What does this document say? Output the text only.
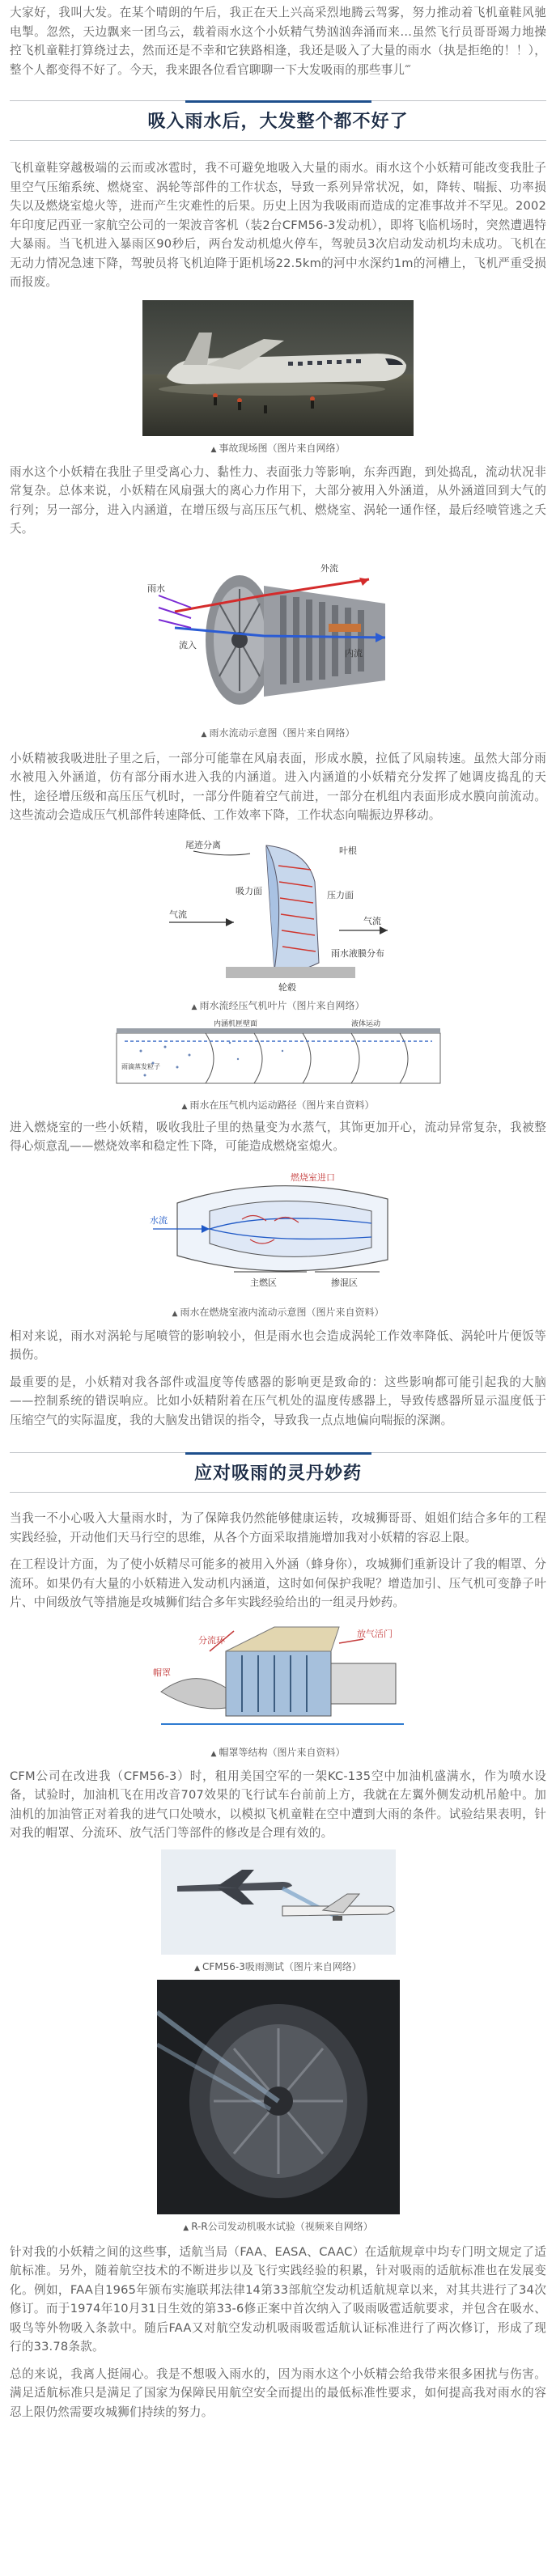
大家好，我叫大发。在某个晴朗的午后，我正在天上兴高采烈地腾云驾雾，努力推动着飞机童鞋风驰电掣。忽然，天边飘来一团乌云，载着雨水这个小妖精气势汹汹奔涌而来…虽然飞行员哥哥竭力地操控飞机童鞋打算绕过去，然而还是不幸和它狭路相逢，我还是吸入了大量的雨水（执是拒绝的！！），整个人都变得不好了。今天，我来跟各位看官聊聊一下大发吸雨的那些事儿‴

吸入雨水后，大发整个都不好了

飞机童鞋穿越极端的云而或冰雹时，我不可避免地吸入大量的雨水。雨水这个小妖精可能改变我肚子里空气压缩系统、燃烧室、涡轮等部件的工作状态，导致一系列异常状况，如，降转、喘振、功率损失以及燃烧室熄火等，进而产生灾难性的后果。历史上因为我吸雨而造成的定准事故并不罕见。2002年印度尼西亚一家航空公司的一架波音客机（装2台CFM56-3发动机），即将飞临机场时，突然遭遇特大暴雨。当飞机进入暴雨区90秒后，两台发动机熄火停车，驾驶员3次启动发动机均未成功。飞机在无动力情况急速下降，驾驶员将飞机迫降于距机场22.5km的河中水深约1m的河槽上，飞机严重受损而报废。

▲ 事故现场图（图片来自网络）

雨水这个小妖精在我肚子里受离心力、黏性力、表面张力等影响，东奔西跑，到处捣乱，流动状况非常复杂。总体来说，小妖精在风扇强大的离心力作用下，大部分被用入外涵道，从外涵道回到大气的行列；另一部分，进入内涵道，在增压级与高压压气机、燃烧室、涡轮一通作怪，最后经喷管逃之夭夭。

外流
雨水
流入
内流
▲ 雨水流动示意图（图片来自网络）

小妖精被我吸进肚子里之后，一部分可能靠在风扇表面，形成水膜，拉低了风扇转速。虽然大部分雨水被甩入外涵道，仿有部分雨水进入我的内涵道。进入内涵道的小妖精充分发挥了她调皮捣乱的天性，途径增压级和高压压气机时，一部分件随着空气前进，一部分在机组内表面形成水膜向前流动。这些流动会造成压气机部件转速降低、工作效率下降，工作状态向喘振边界移动。

尾迹分离
叶根
气流
吸力面	压力面
雨水液膜分布
轮毂
气流
▲ 雨水流经压气机叶片（图片来自网络）
内涵机匣壁面	液体运动
雨滴蒸发粒子
▲ 雨水在压气机内运动路径（图片来自资料）

进入燃烧室的一些小妖精，吸收我肚子里的热量变为水蒸气，其饰更加开心，流动异常复杂，我被整得心烦意乱——燃烧效率和稳定性下降，可能造成燃烧室熄火。

燃烧室进口
水流
主燃区	掺混区
▲ 雨水在燃烧室液内流动示意图（图片来自资料）

相对来说，雨水对涡轮与尾喷管的影响较小，但是雨水也会造成涡轮工作效率降低、涡轮叶片便饭等损伤。

最重要的是，小妖精对我各部件或温度等传感器的影响更是致命的：这些影响都可能引起我的大脑——控制系统的错误响应。比如小妖精附着在压气机处的温度传感器上，导致传感器所显示温度低于压缩空气的实际温度，我的大脑发出错误的指令，导致我一点点地偏向喘振的深渊。

应对吸雨的灵丹妙药

当我一不小心吸入大量雨水时，为了保障我仍然能够健康运转，攻城狮哥哥、姐姐们结合多年的工程实践经验，开动他们天马行空的思维，从各个方面采取措施增加我对小妖精的容忍上限。

在工程设计方面，为了使小妖精尽可能多的被用入外涵（蜂身你），攻城狮们重新设计了我的帽罩、分流环。如果仍有大量的小妖精进入发动机内涵道，这时如何保护我呢？增造加引、压气机可变静子叶片、中间级放气等措施是攻城狮们结合多年实践经验给出的一组灵丹妙药。

分流环
帽罩
放气活门
▲ 帽罩等结构（图片来自资料）

CFM公司在改进我（CFM56-3）时，租用美国空军的一架KC-135空中加油机盛满水，作为喷水设备，试验时，加油机飞在用改音707效果的飞行试车台前前上方，我就在左翼外侧发动机吊舱中。加油机的加油管正对着我的进气口处喷水，以模拟飞机童鞋在空中遭到大雨的条件。试验结果表明，针对我的帽罩、分流环、放气活门等部件的修改是合理有效的。

▲ CFM56-3吸雨测试（图片来自网络）
▲ R-R公司发动机吸水试验（视频来自网络）

针对我的小妖精之间的这些事，适航当局（FAA、EASA、CAAC）在适航规章中均专门明文规定了适航标准。另外，随着航空技术的不断进步以及飞行实践经验的积累，针对吸雨的适航标准也在发展变化。例如，FAA自1965年颁布实施联邦法律14第33部航空发动机适航规章以来，对其共进行了34次修订。而于1974年10月31日生效的第33-6修正案中首次纳入了吸雨吸雹适航要求，并包含在吸水、吸鸟等外物吸入条款中。随后FAA又对航空发动机吸雨吸雹适航认证标准进行了两次修订，形成了现行的33.78条款。

总的来说，我离人挺闹心。我是不想吸入雨水的，因为雨水这个小妖精会给我带来很多困扰与伤害。满足适航标准只是满足了国家为保障民用航空安全而提出的最低标准性要求，如何提高我对雨水的容忍上限仍然需要攻城狮们持续的努力。
